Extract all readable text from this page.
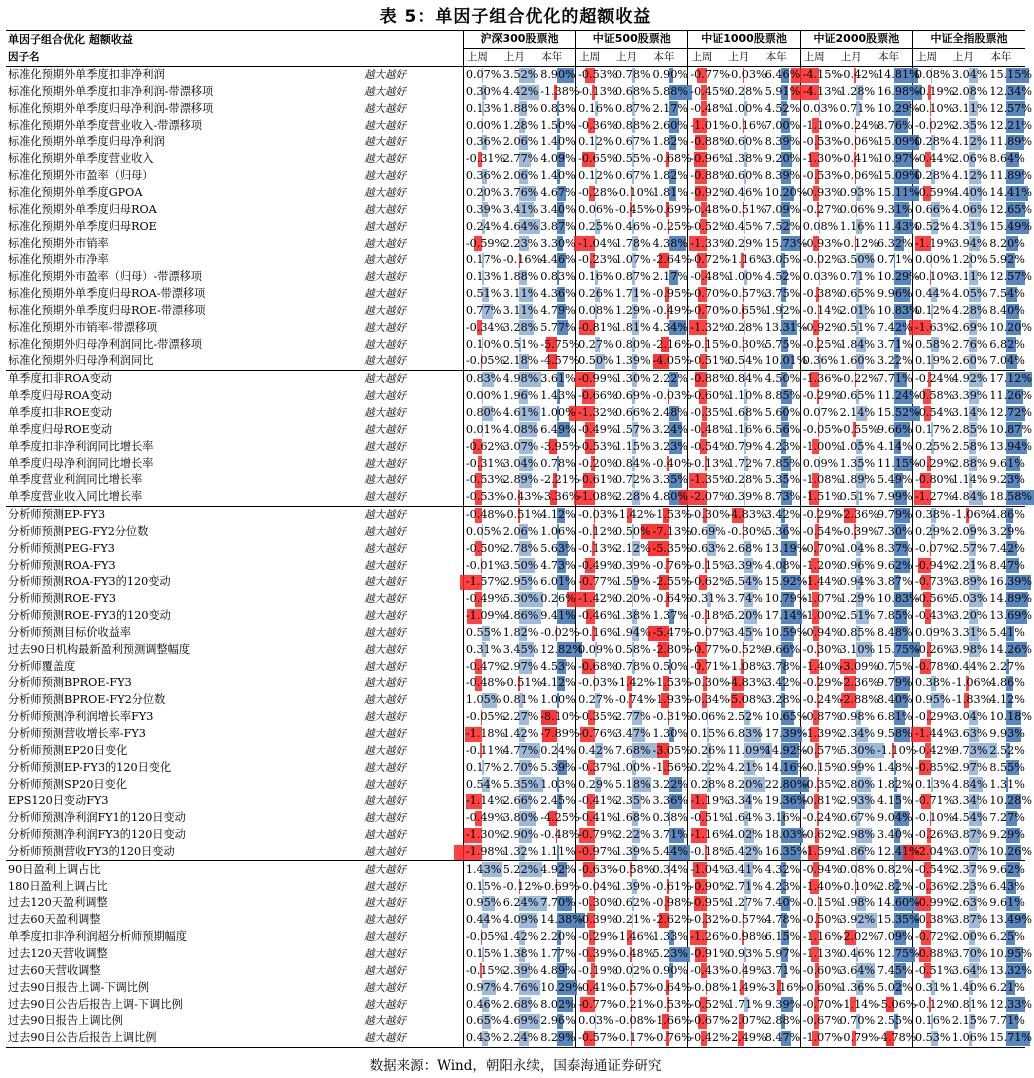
表 5：单因子组合优化的超额收益
单因子组合优化 超额收益		沪深300股票池			中证500股票池			中证1000股票池			中证2000股票池			中证全指股票池		
因子名		上周	上月	本年	上周	上月	本年	上周	上月	本年	上周	上月	本年	上周	上月	本年
标准化预期外单季度扣非净利润	越大越好	0.07%	3.52%	8.90%	-0.53%	0.78%	0.90%	-0.77%	-0.03%	6.46%	-4.15%	-0.42%	14.81%	0.08%	3.04%	15.15%
标准化预期外单季度扣非净利润-带漂移项	越大越好	0.30%	4.42%	-1.38%	-0.13%	0.68%	5.88%	-0.45%	0.28%	5.91%	-4.13%	1.28%	16.98%	-0.19%	2.08%	12.34%
标准化预期外单季度归母净利润-带漂移项	越大越好	0.13%	1.88%	0.83%	0.16%	0.87%	2.17%	-0.48%	1.00%	4.52%	0.03%	0.71%	10.29%	-0.10%	3.11%	12.57%
标准化预期外单季度营业收入-带漂移项	越大越好	0.00%	1.28%	1.50%	-0.36%	0.88%	2.60%	-1.01%	-0.16%	7.00%	-1.10%	-0.24%	8.76%	-0.02%	2.35%	12.21%
标准化预期外单季度归母净利润	越大越好	0.36%	2.06%	1.40%	0.12%	0.67%	1.82%	-0.88%	0.60%	8.39%	-0.53%	-0.06%	15.09%	0.28%	4.12%	11.89%
标准化预期外单季度营业收入	越大越好	-0.31%	2.77%	4.09%	-0.65%	0.55%	-0.68%	-0.96%	1.38%	9.20%	-1.30%	-0.41%	10.97%	-0.44%	2.06%	8.64%
标准化预期外市盈率（归母）	越大越好	0.36%	2.06%	1.40%	0.12%	0.67%	1.82%	-0.88%	0.60%	8.39%	-0.53%	-0.06%	15.09%	0.28%	4.12%	11.89%
标准化预期外单季度GPOA	越大越好	0.20%	3.76%	4.67%	-0.28%	-0.10%	1.81%	-0.92%	0.46%	10.20%	-0.93%	0.93%	15.11%	-0.59%	4.40%	14.41%
标准化预期外单季度归母ROA	越大越好	0.39%	3.41%	3.40%	0.06%	-0.45%	-0.69%	-0.48%	-0.51%	7.09%	-0.27%	0.06%	9.31%	0.66%	4.06%	12.65%
标准化预期外单季度归母ROE	越大越好	0.24%	4.64%	3.87%	0.25%	0.46%	-0.25%	-0.52%	0.45%	7.52%	0.08%	1.16%	11.43%	0.52%	4.31%	15.49%
标准化预期外市销率	越大越好	-0.59%	2.23%	3.30%	-1.04%	1.78%	4.38%	-1.33%	0.29%	15.73%	-0.93%	-0.12%	6.32%	-1.19%	3.94%	8.20%
标准化预期外市净率	越大越好	0.17%	-0.16%	4.46%	-0.23%	1.07%	-2.64%	-0.72%	-1.16%	3.05%	-0.02%	3.50%	0.71%	0.00%	1.20%	5.92%
标准化预期外市盈率（归母）-带漂移项	越大越好	0.13%	1.88%	0.83%	0.16%	0.87%	2.17%	-0.48%	1.00%	4.52%	0.03%	0.71%	10.29%	-0.10%	3.11%	12.57%
标准化预期外单季度归母ROA-带漂移项	越大越好	0.51%	3.11%	4.36%	0.26%	1.71%	-0.95%	-0.70%	-0.57%	3.75%	-0.38%	0.65%	9.96%	0.44%	4.05%	7.54%
标准化预期外单季度归母ROE-带漂移项	越大越好	0.77%	3.11%	4.79%	0.08%	1.29%	-0.49%	-0.70%	-0.65%	1.92%	-0.14%	2.01%	10.83%	0.12%	4.28%	8.40%
标准化预期外市销率-带漂移项	越大越好	-0.34%	3.28%	5.77%	-0.81%	1.81%	4.34%	-1.32%	0.28%	13.31%	-0.92%	0.51%	7.42%	-1.63%	2.69%	10.20%
标准化预期外归母净利润同比-带漂移项	越大越好	0.10%	0.51%	-5.75%	0.27%	0.80%	-2.16%	-0.15%	-0.30%	5.75%	-0.25%	1.84%	3.71%	0.58%	2.76%	6.82%
标准化预期外归母净利润同比	越大越好	-0.05%	2.18%	-4.57%	0.50%	1.39%	-4.05%	-0.51%	0.54%	10.01%	0.36%	1.60%	3.22%	0.19%	2.60%	7.04%
单季度扣非ROA变动	越大越好	0.83%	4.98%	3.61%	-0.99%	1.30%	2.22%	-0.88%	0.84%	4.50%	-1.36%	-0.22%	7.71%	-0.24%	4.92%	17.12%
单季度归母ROA变动	越大越好	0.00%	1.96%	1.43%	-0.66%	0.69%	-0.03%	-0.60%	1.10%	8.85%	-0.29%	0.65%	11.24%	-0.58%	3.39%	11.26%
单季度扣非ROE变动	越大越好	0.80%	4.61%	1.00%	-1.32%	0.66%	2.48%	-0.35%	1.68%	5.60%	0.07%	2.14%	15.52%	-0.54%	3.14%	12.72%
单季度归母ROE变动	越大越好	0.01%	4.08%	6.49%	-0.49%	1.57%	3.24%	-0.48%	1.16%	6.56%	-0.05%	-0.55%	9.66%	0.17%	2.85%	10.87%
单季度扣非净利润同比增长率	越大越好	-0.62%	3.07%	-3.95%	-0.53%	1.15%	3.23%	-0.54%	0.79%	4.23%	-1.00%	1.05%	4.14%	0.25%	2.58%	13.94%
单季度归母净利润同比增长率	越大越好	-0.31%	3.04%	0.78%	-0.20%	0.84%	-0.40%	-0.13%	1.72%	7.85%	0.09%	1.35%	11.15%	-0.29%	2.88%	9.61%
单季度营业利润同比增长率	越大越好	-0.53%	2.89%	-2.21%	-0.61%	0.72%	3.35%	-1.35%	0.28%	5.35%	-1.08%	1.89%	5.49%	-0.80%	1.14%	9.23%
单季度营业收入同比增长率	越大越好	-0.53%	-0.43%	-3.36%	-1.08%	2.28%	4.80%	-2.07%	0.39%	8.73%	-1.51%	0.51%	7.99%	-1.27%	4.84%	18.58%
分析师预测EP-FY3	越大越好	-0.48%	-0.51%	4.12%	-0.03%	-1.42%	-1.53%	-0.30%	-4.83%	3.42%	-0.29%	-2.36%	9.79%	0.38%	-1.06%	4.86%
分析师预测PEG-FY2分位数	越大越好	0.05%	2.06%	1.06%	-0.12%	0.50%	-7.13%	0.69%	-0.30%	5.36%	-0.54%	-0.39%	7.30%	0.29%	2.09%	3.29%
分析师预测PEG-FY3	越大越好	-0.50%	2.78%	5.63%	-0.13%	2.12%	-5.35%	0.63%	2.68%	13.19%	-0.70%	1.04%	8.37%	-0.07%	2.57%	7.42%
分析师预测ROA-FY3	越大越好	-0.01%	3.50%	4.73%	-0.49%	0.39%	-0.76%	-0.15%	3.39%	4.08%	-1.20%	0.96%	9.62%	-0.94%	2.21%	8.47%
分析师预测ROA-FY3的120变动	越大越好	-1.57%	2.95%	6.01%	-0.77%	1.59%	-2.55%	-0.62%	5.54%	15.92%	-1.44%	0.94%	3.87%	-0.73%	3.89%	16.39%
分析师预测ROE-FY3	越大越好	-0.49%	5.30%	0.26%	-1.42%	0.20%	-0.64%	0.31%	3.74%	10.79%	-1.07%	1.29%	10.83%	-0.56%	5.03%	14.89%
分析师预测ROE-FY3的120变动	越大越好	-1.09%	4.86%	9.41%	-0.46%	1.38%	1.37%	-0.18%	5.20%	17.14%	-1.00%	2.51%	7.85%	-0.43%	3.20%	13.69%
分析师预测目标价收益率	越大越好	0.55%	1.82%	-0.02%	-0.16%	1.94%	-5.47%	-0.07%	3.45%	10.59%	-0.94%	0.85%	8.48%	0.09%	3.31%	5.41%
过去90日机构最新盈利预测调整幅度	越大越好	0.31%	3.45%	12.82%	0.09%	0.58%	-2.80%	-0.77%	-0.52%	9.66%	-0.30%	3.10%	15.75%	-0.26%	3.98%	14.26%
分析师覆盖度	越大越好	-0.47%	2.97%	4.53%	-0.68%	0.78%	0.50%	-0.71%	-1.08%	3.78%	-1.40%	-3.09%	0.75%	-0.78%	0.44%	2.27%
分析师预测BPROE-FY3	越大越好	-0.48%	-0.51%	4.12%	-0.03%	-1.42%	-1.53%	-0.30%	-4.83%	3.42%	-0.29%	-2.36%	9.79%	0.38%	-1.06%	4.86%
分析师预测BPROE-FY2分位数	越大越好	1.05%	0.81%	1.00%	0.27%	-0.74%	-1.93%	-0.34%	-5.08%	3.28%	-0.24%	-2.88%	8.40%	0.95%	-1.83%	4.12%
分析师预测净利润增长率FY3	越大越好	-0.05%	2.27%	-8.10%	-0.35%	2.77%	-0.31%	0.06%	2.52%	10.65%	-0.87%	0.98%	6.81%	-0.29%	3.04%	10.18%
分析师预测营收增长率-FY3	越大越好	-1.18%	1.42%	-7.89%	-0.76%	3.47%	1.30%	0.15%	6.83%	17.39%	-1.39%	2.34%	9.58%	-1.44%	3.63%	9.93%
分析师预测EP20日变化	越大越好	-0.11%	4.77%	0.24%	0.42%	7.68%	-3.05%	0.26%	11.09%	14.92%	-0.57%	5.30%	-1.10%	-0.42%	9.73%	2.52%
分析师预测EP-FY3的120日变化	越大越好	0.17%	2.70%	5.39%	-0.37%	1.00%	-1.56%	0.22%	4.21%	14.16%	-0.15%	0.99%	1.48%	-0.85%	2.97%	8.55%
分析师预测SP20日变化	越大越好	0.54%	5.35%	1.03%	0.29%	5.18%	3.22%	0.28%	8.20%	22.80%	-0.35%	2.80%	1.82%	0.13%	4.84%	1.31%
EPS120日变动FY3	越大越好	-1.14%	2.66%	2.45%	-0.41%	2.35%	3.36%	-1.19%	3.34%	19.36%	-0.81%	2.93%	4.15%	-0.71%	3.34%	10.28%
分析师预测净利润FY1的120日变动	越大越好	-0.49%	3.80%	-4.25%	-0.41%	1.68%	0.38%	-0.51%	1.64%	3.16%	-0.24%	0.67%	9.04%	-0.10%	4.54%	7.27%
分析师预测净利润FY3的120日变动	越大越好	-1.30%	2.90%	-0.48%	-0.79%	2.22%	3.71%	-1.16%	4.02%	18.03%	-0.62%	2.98%	3.40%	-0.26%	3.87%	9.29%
分析师预测营收FY3的120日变动	越大越好	-1.98%	1.32%	1.11%	-0.97%	1.39%	5.44%	-0.18%	5.42%	16.35%	-1.59%	1.86%	12.41%	-2.04%	3.07%	10.26%
90日盈利上调占比	越大越好	1.43%	5.22%	4.92%	-0.63%	-0.58%	0.34%	-1.04%	3.41%	4.32%	-0.94%	0.08%	0.82%	-0.54%	2.37%	9.62%
180日盈利上调占比	越大越好	0.15%	-0.12%	-0.69%	-0.04%	1.39%	-0.61%	-0.90%	2.71%	4.23%	-1.40%	-0.10%	2.82%	-0.36%	2.23%	6.43%
过去120天盈利调整	越大越好	0.95%	6.24%	7.70%	-0.30%	0.62%	-0.98%	-0.95%	1.27%	7.40%	-0.15%	1.98%	14.60%	-0.99%	2.63%	9.61%
过去60天盈利调整	越大越好	0.44%	4.09%	14.38%	-0.39%	0.21%	-2.62%	-0.32%	-0.57%	4.78%	-0.50%	3.92%	15.35%	-0.38%	3.87%	13.49%
单季度扣非净利润超分析师预期幅度	越大越好	-0.05%	1.42%	2.20%	-0.29%	-1.46%	1.33%	-1.26%	-0.98%	6.15%	-1.16%	-2.02%	7.09%	-0.72%	2.00%	6.25%
过去120天营收调整	越大越好	0.15%	1.38%	1.77%	-0.39%	-0.48%	5.23%	-0.91%	0.93%	5.97%	-1.13%	0.46%	12.75%	-0.88%	3.70%	10.95%
过去60天营收调整	越大越好	-0.15%	2.39%	4.89%	-0.19%	0.02%	0.90%	-0.43%	-0.49%	3.71%	-0.60%	3.64%	7.45%	-0.51%	3.64%	13.32%
过去90日报告上调-下调比例	越大越好	0.97%	4.76%	10.29%	-0.41%	-0.57%	-0.64%	-0.08%	-1.49%	-3.16%	-0.60%	1.36%	5.02%	0.31%	1.40%	6.21%
过去90日公告后报告上调-下调比例	越大越好	0.46%	2.68%	8.02%	-0.77%	-0.21%	-0.53%	-0.52%	1.71%	9.39%	-0.70%	-1.14%	-5.06%	-0.12%	0.81%	12.33%
过去90日报告上调比例	越大越好	0.65%	4.69%	2.96%	0.03%	-0.08%	-1.66%	-0.67%	-2.07%	2.88%	-0.67%	0.70%	2.55%	0.16%	2.15%	7.71%
过去90日公告后报告上调比例	越大越好	0.43%	2.24%	8.29%	-0.57%	-0.17%	-0.76%	-0.42%	-2.49%	8.47%	-1.07%	-0.79%	-4.78%	0.53%	1.06%	15.71%
数据来源：Wind，朝阳永续，国泰海通证券研究
